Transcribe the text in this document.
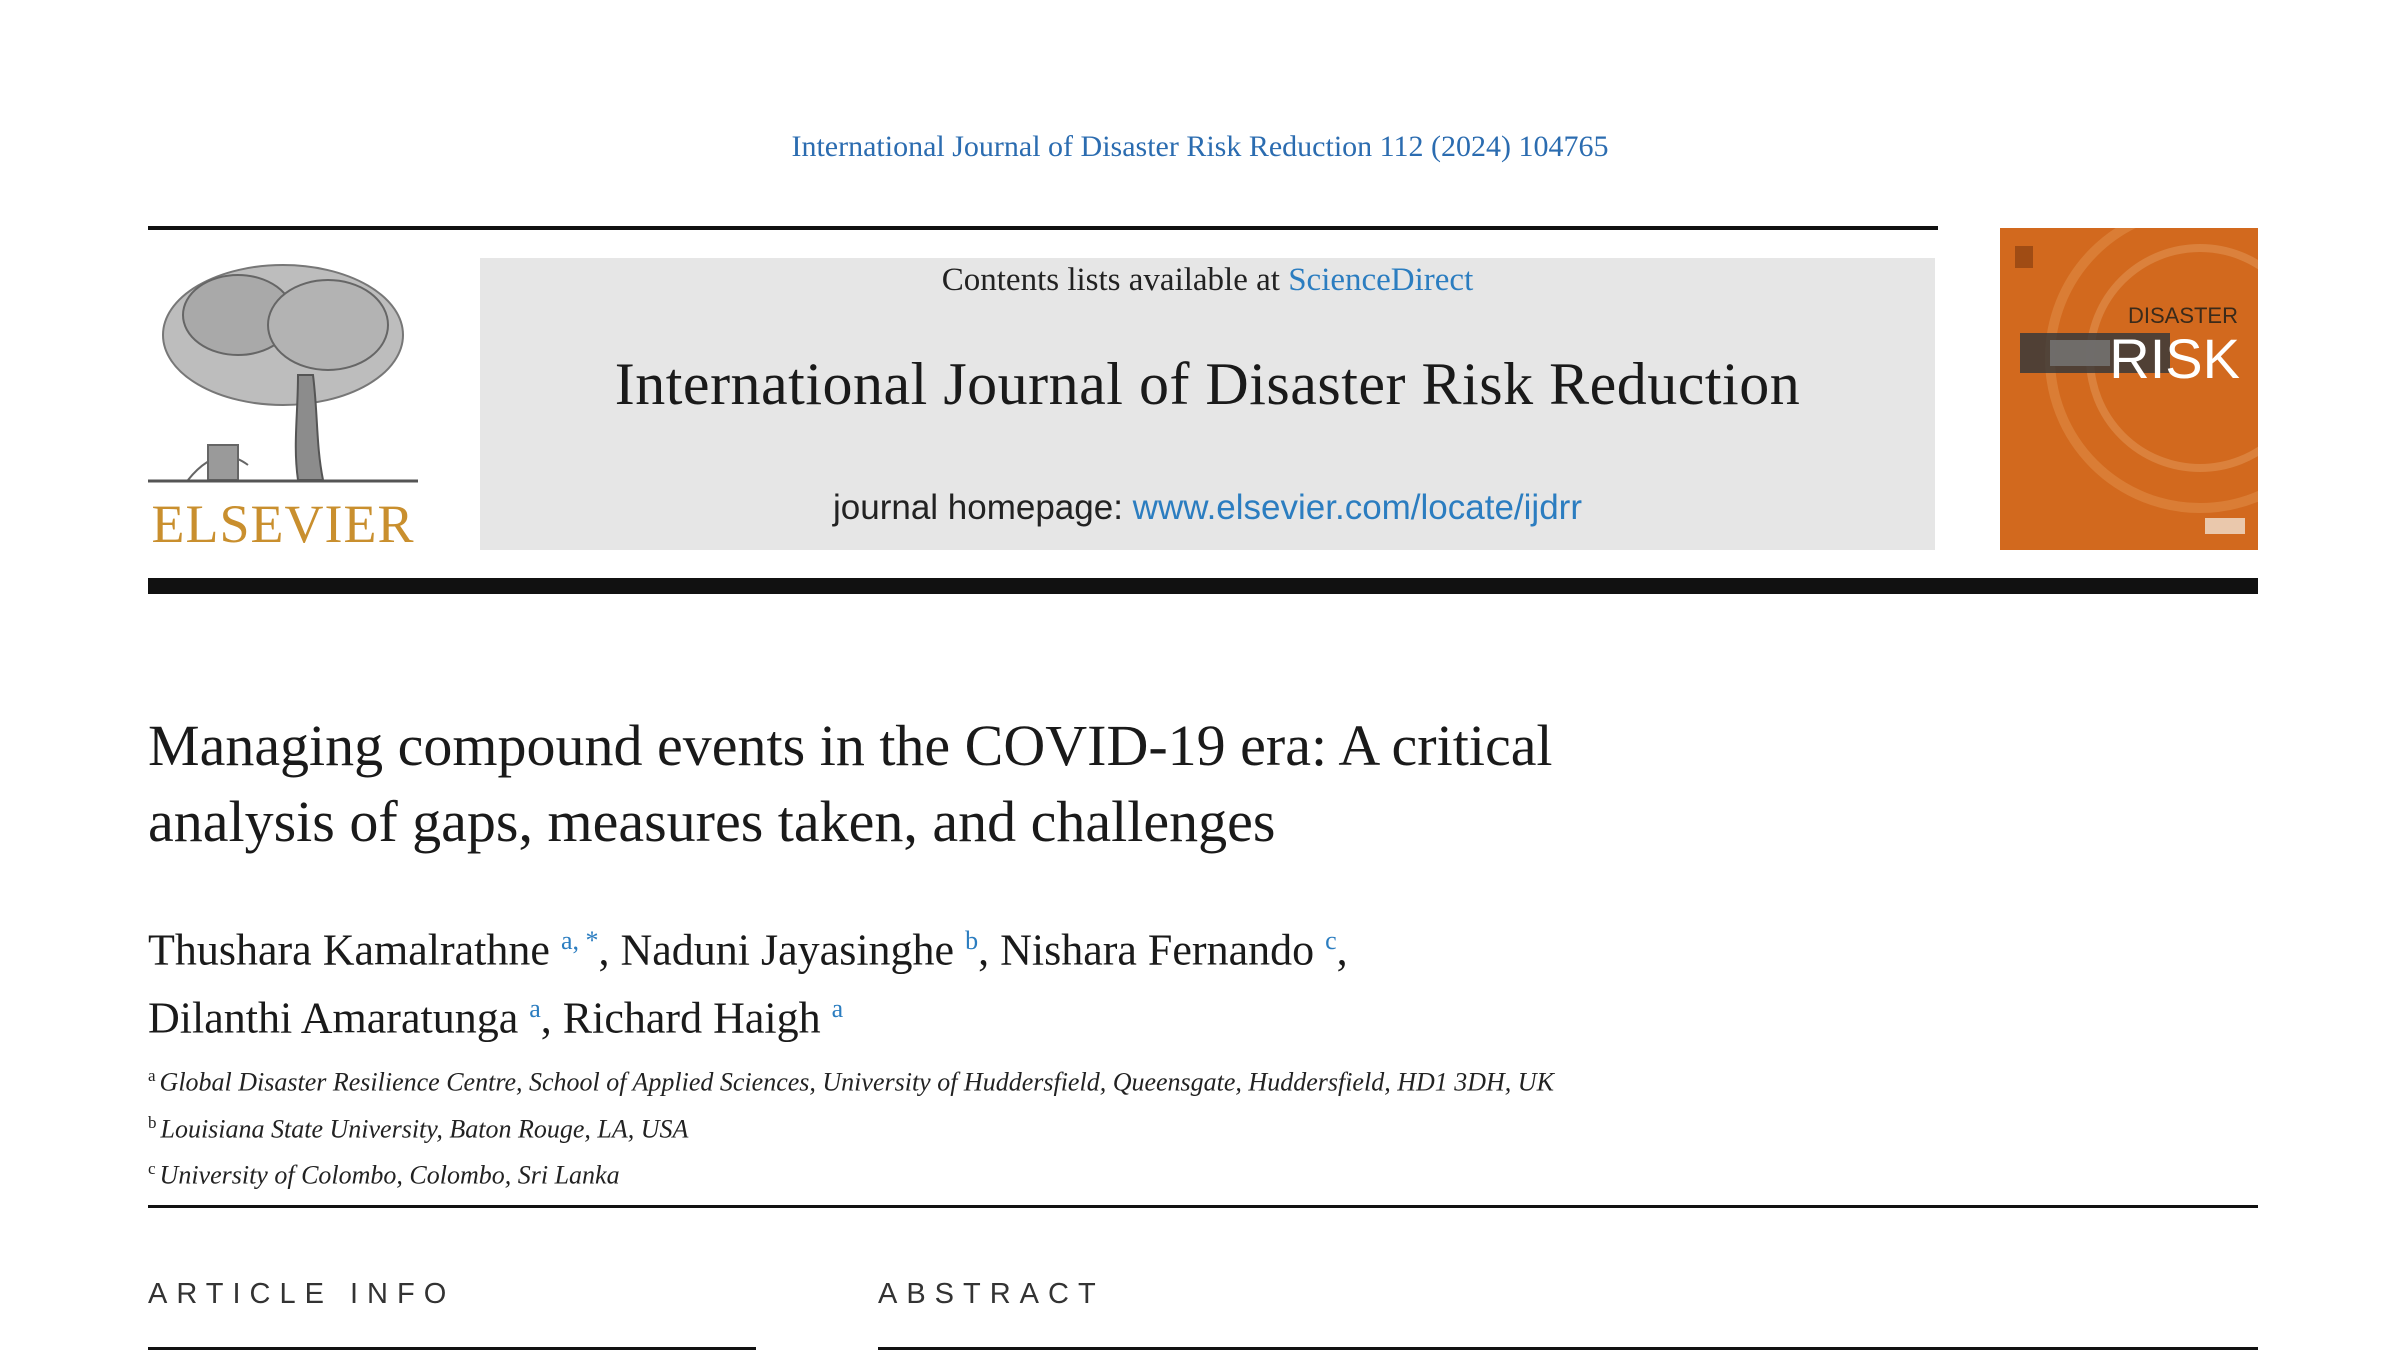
International Journal of Disaster Risk Reduction 112 (2024) 104765
ELSEVIER
Contents lists available at ScienceDirect
International Journal of Disaster Risk Reduction
journal homepage: www.elsevier.com/locate/ijdrr
DISASTER
RISK
Managing compound events in the COVID-19 era: A critical
analysis of gaps, measures taken, and challenges
Thushara Kamalrathne $^{a, *}$, Naduni Jayasinghe $^b$, Nishara Fernando $^c$,
Dilanthi Amaratunga $^a$, Richard Haigh $^a$
$^a$ Global Disaster Resilience Centre, School of Applied Sciences, University of Huddersfield, Queensgate, Huddersfield, HD1 3DH, UK
$^b$ Louisiana State University, Baton Rouge, LA, USA
$^c$ University of Colombo, Colombo, Sri Lanka
ARTICLE INFO	ABSTRACT
